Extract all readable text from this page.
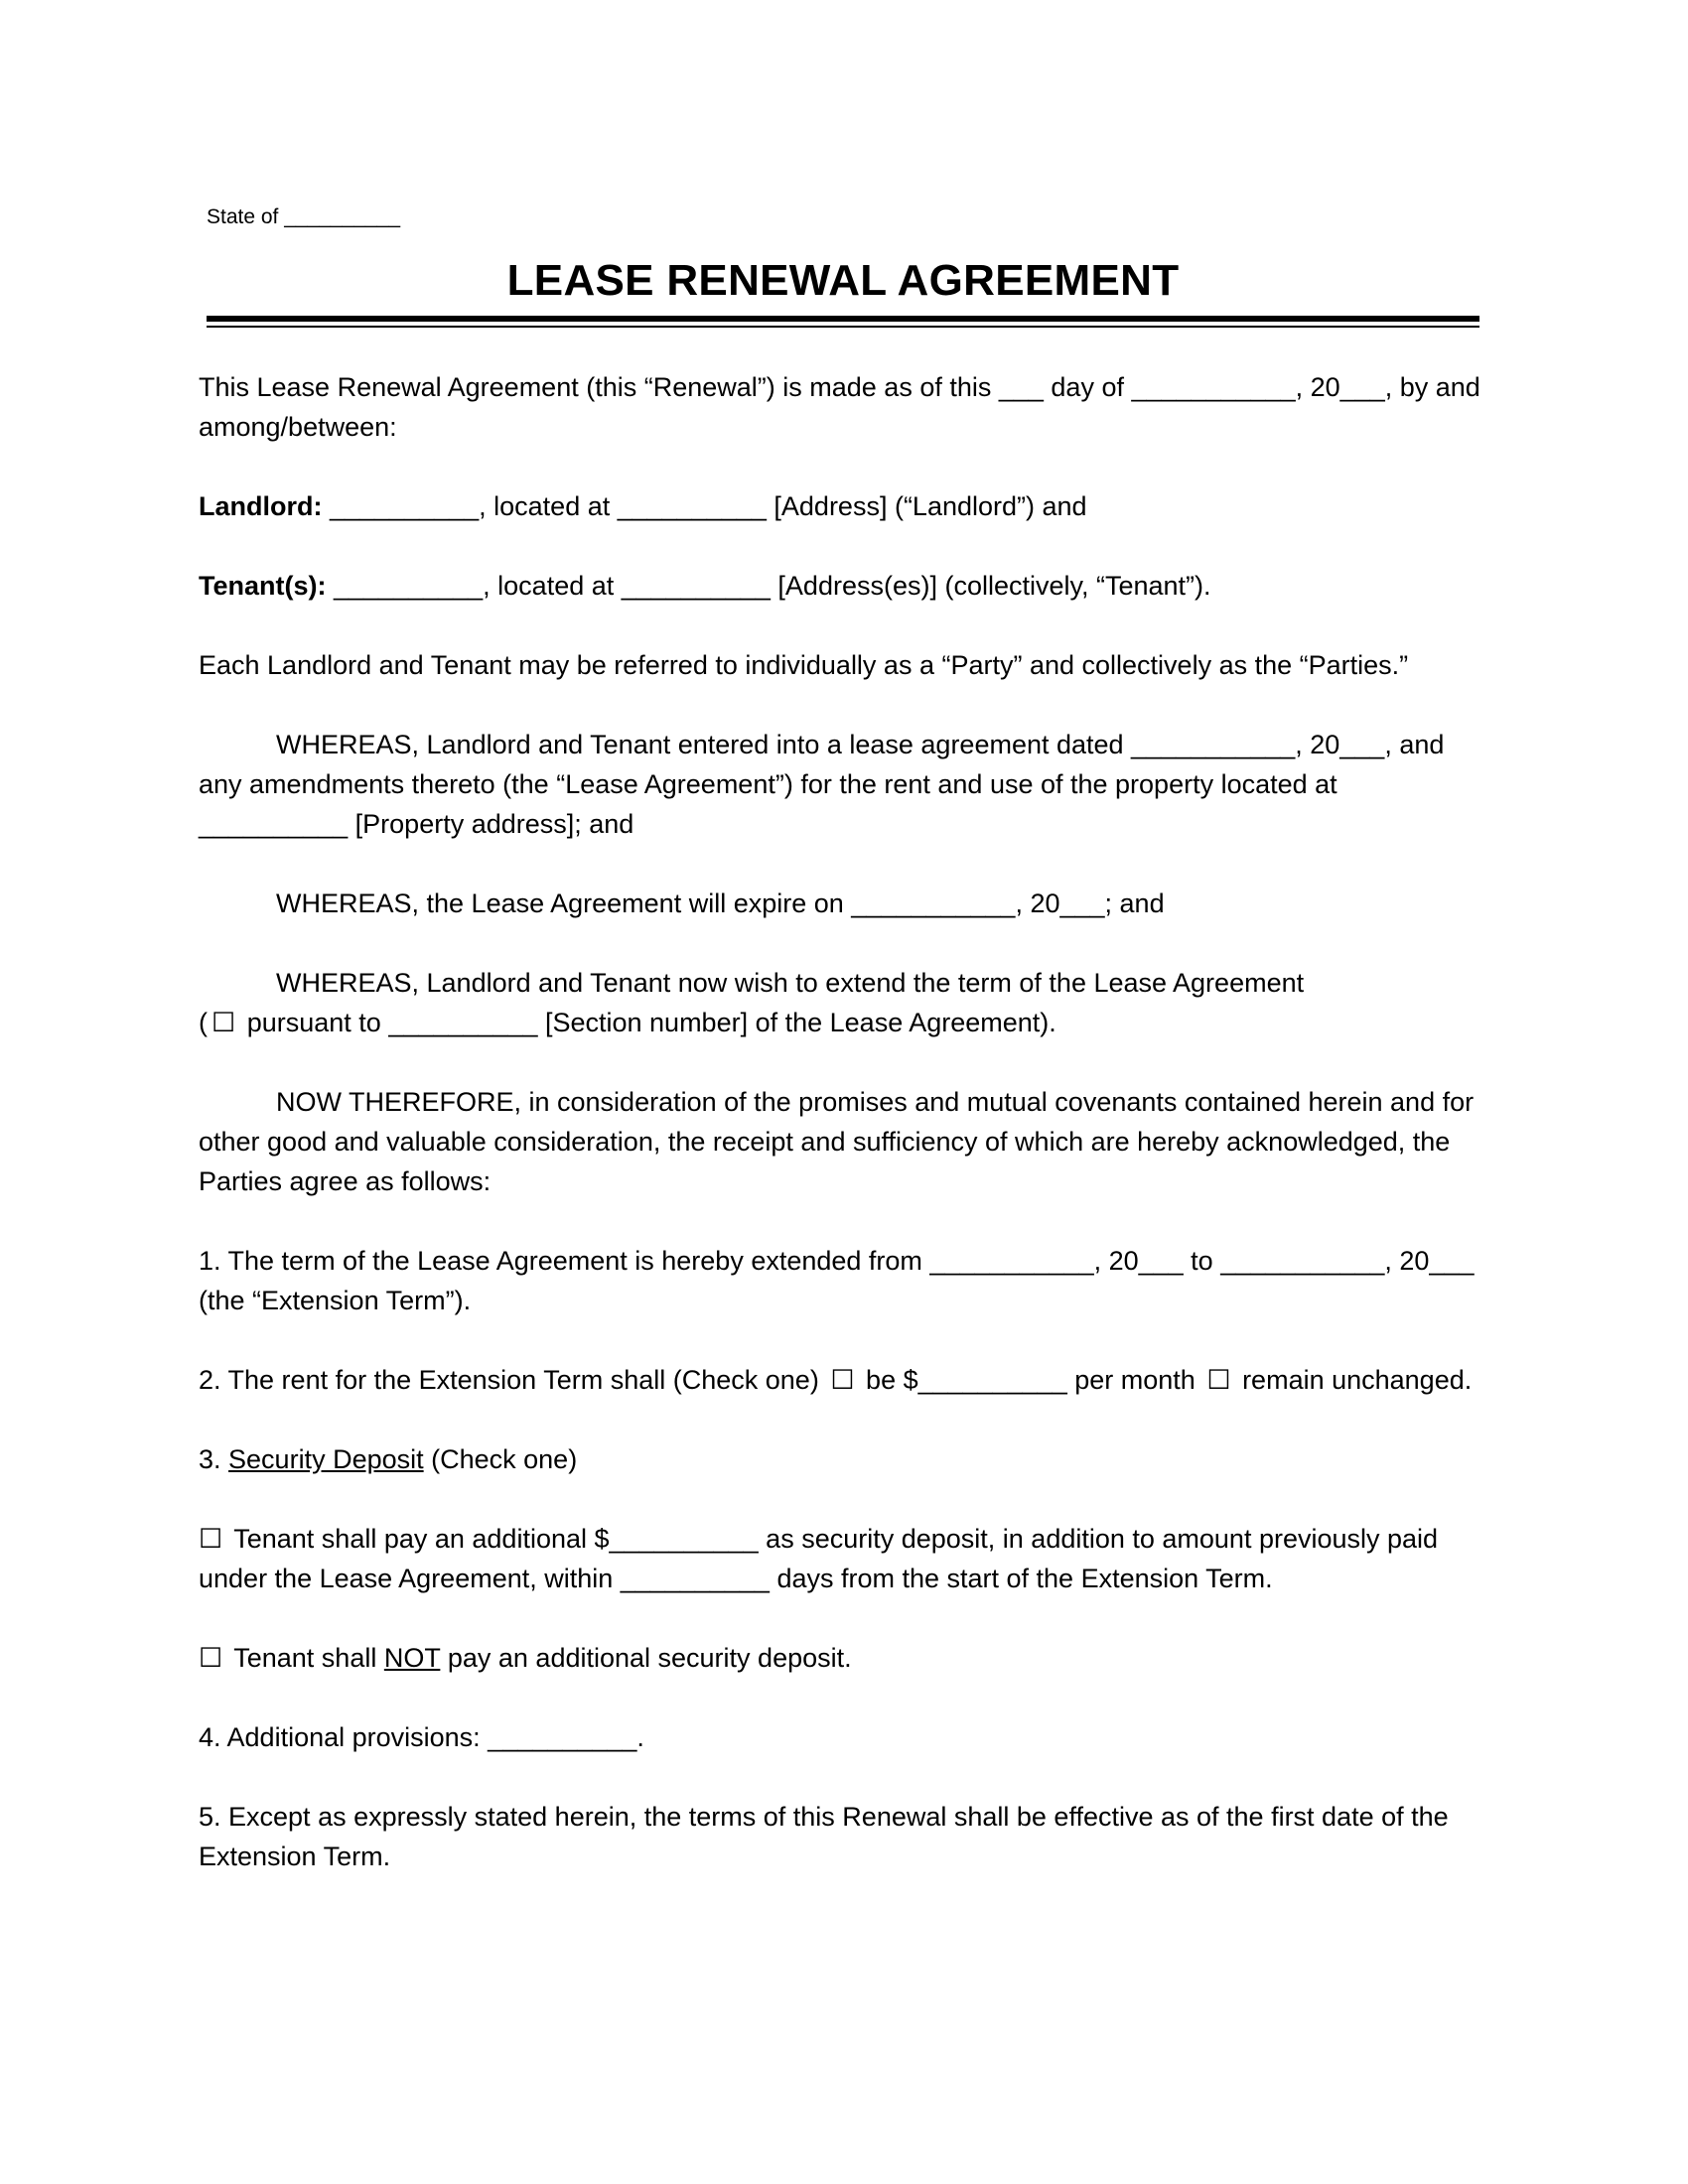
State of __________
LEASE RENEWAL AGREEMENT

This Lease Renewal Agreement (this “Renewal”) is made as of this ___ day of ___________, 20___, by and among/between:

Landlord: __________, located at __________ [Address] (“Landlord”) and

Tenant(s): __________, located at __________ [Address(es)] (collectively, “Tenant”).

Each Landlord and Tenant may be referred to individually as a “Party” and collectively as the “Parties.”

WHEREAS, Landlord and Tenant entered into a lease agreement dated ___________, 20___, and any amendments thereto (the “Lease Agreement”) for the rent and use of the property located at __________ [Property address]; and

WHEREAS, the Lease Agreement will expire on ___________, 20___; and

WHEREAS, Landlord and Tenant now wish to extend the term of the Lease Agreement
( ☐ pursuant to __________ [Section number] of the Lease Agreement).

NOW THEREFORE, in consideration of the promises and mutual covenants contained herein and for other good and valuable consideration, the receipt and sufficiency of which are hereby acknowledged, the Parties agree as follows:

1. The term of the Lease Agreement is hereby extended from ___________, 20___ to ___________, 20___ (the “Extension Term”).

2. The rent for the Extension Term shall (Check one) ☐ be $__________ per month ☐ remain unchanged.

3. Security Deposit (Check one)

☐ Tenant shall pay an additional $__________ as security deposit, in addition to amount previously paid under the Lease Agreement, within __________ days from the start of the Extension Term.

☐ Tenant shall NOT pay an additional security deposit.

4. Additional provisions: __________.

5. Except as expressly stated herein, the terms of this Renewal shall be effective as of the first date of the Extension Term.
